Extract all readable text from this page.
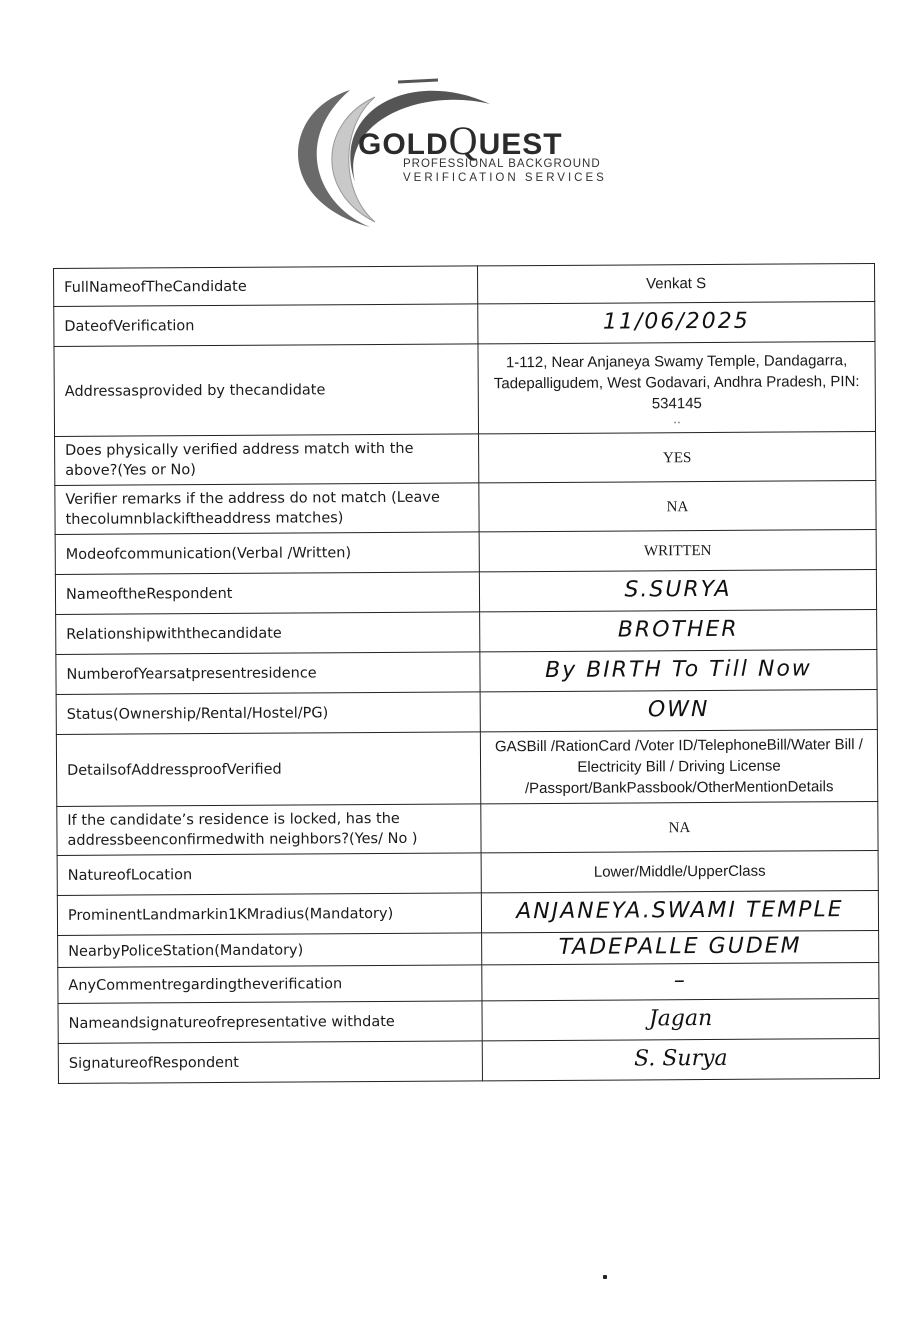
GOLDQUEST
PROFESSIONAL BACKGROUND
VERIFICATION SERVICES
FullNameofTheCandidate	Venkat S
DateofVerification	11/06/2025
Addressasprovided by thecandidate	1-112, Near Anjaneya Swamy Temple, Dandagarra, Tadepalligudem, West Godavari, Andhra Pradesh, PIN: 534145
..

Does physically verified address match with the above?(Yes or No)	YES
Verifier remarks if the address do not match (Leave thecolumnblackiftheaddress matches)	NA
Modeofcommunication(Verbal /Written)	WRITTEN
NameoftheRespondent	S.SURYA
Relationshipwiththecandidate	BROTHER
NumberofYearsatpresentresidence	By BIRTH To Till Now
Status(Ownership/Rental/Hostel/PG)	OWN
DetailsofAddressproofVerified	GASBill /RationCard /Voter ID/TelephoneBill/Water Bill / Electricity Bill / Driving License /Passport/BankPassbook/OtherMentionDetails
If the candidate’s residence is locked, has the addressbeenconfirmedwith neighbors?(Yes/ No )	NA
NatureofLocation	Lower/Middle/UpperClass
ProminentLandmarkin1KMradius(Mandatory)	ANJANEYA.SWAMI TEMPLE
NearbyPoliceStation(Mandatory)	TADEPALLE GUDEM
AnyCommentregardingtheverification	–
Nameandsignatureofrepresentative withdate	Jagan
SignatureofRespondent	S. Surya
